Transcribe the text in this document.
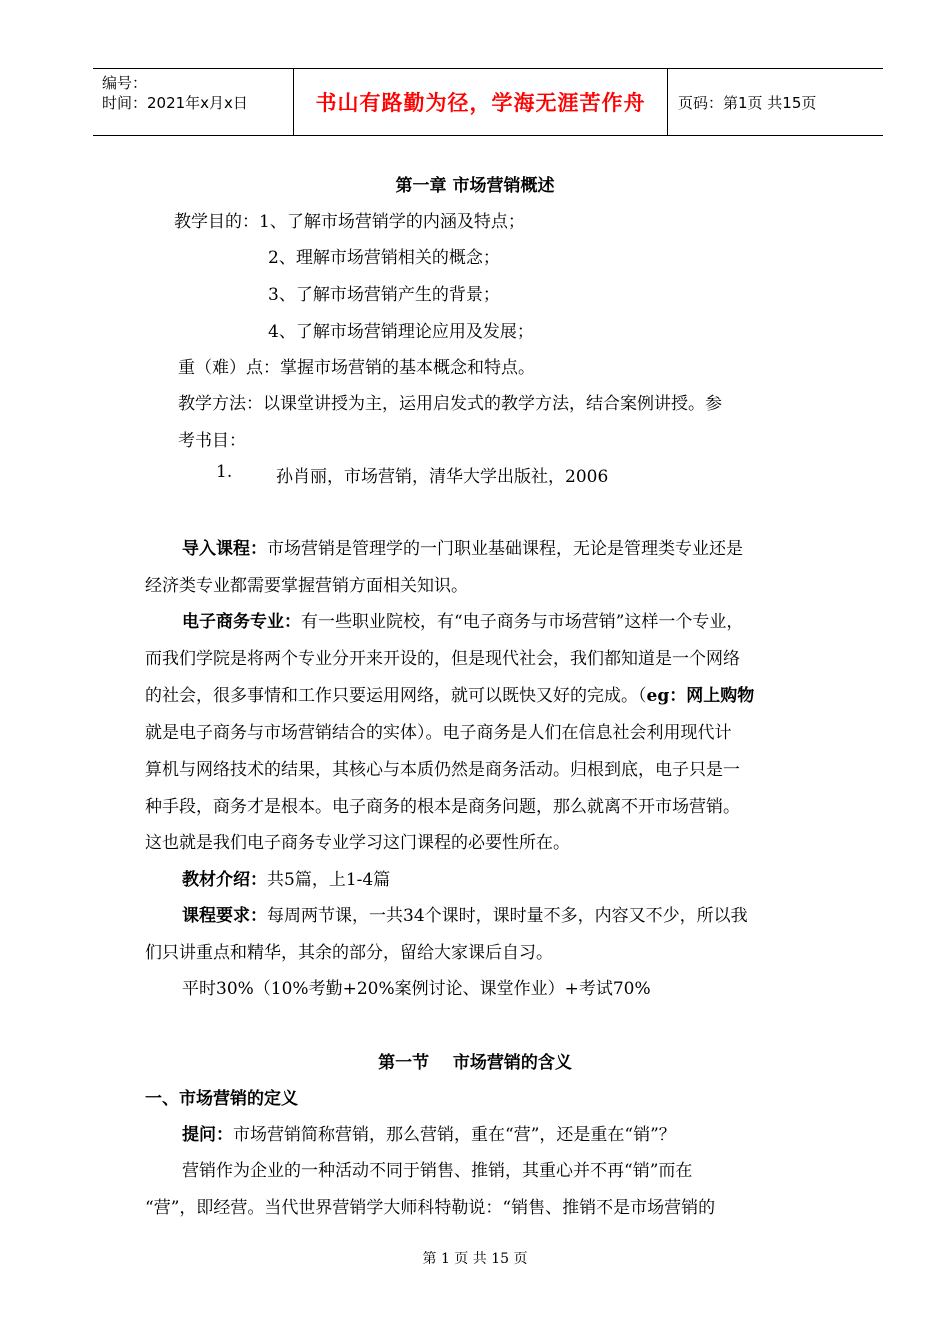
编号：
时间：2021年x月x日	书山有路勤为径，学海无涯苦作舟	页码：第1页 共15页
第一章 市场营销概述
教学目的：1、了解市场营销学的内涵及特点；
2、理解市场营销相关的概念；
3、了解市场营销产生的背景；
4、了解市场营销理论应用及发展；
重（难）点：掌握市场营销的基本概念和特点。
教学方法：以课堂讲授为主，运用启发式的教学方法，结合案例讲授。参
考书目：
1.	孙肖丽，市场营销，清华大学出版社，2006
导入课程：市场营销是管理学的一门职业基础课程，无论是管理类专业还是
经济类专业都需要掌握营销方面相关知识。
电子商务专业：有一些职业院校，有“电子商务与市场营销”这样一个专业，
而我们学院是将两个专业分开来开设的，但是现代社会，我们都知道是一个网络
的社会，很多事情和工作只要运用网络，就可以既快又好的完成。（eg：网上购物
就是电子商务与市场营销结合的实体）。电子商务是人们在信息社会利用现代计
算机与网络技术的结果，其核心与本质仍然是商务活动。归根到底，电子只是一
种手段，商务才是根本。电子商务的根本是商务问题，那么就离不开市场营销。
这也就是我们电子商务专业学习这门课程的必要性所在。
教材介绍：共5篇，上1-4篇
课程要求：每周两节课，一共34个课时，课时量不多，内容又不少，所以我
们只讲重点和精华，其余的部分，留给大家课后自习。
平时30%（10%考勤+20%案例讨论、课堂作业）+考试70%
第一节    市场营销的含义
一、市场营销的定义
提问：市场营销简称营销，那么营销，重在“营”，还是重在“销”？
营销作为企业的一种活动不同于销售、推销，其重心并不再“销”而在
“营”，即经营。当代世界营销学大师科特勒说：“销售、推销不是市场营销的
第 1 页 共 15 页
